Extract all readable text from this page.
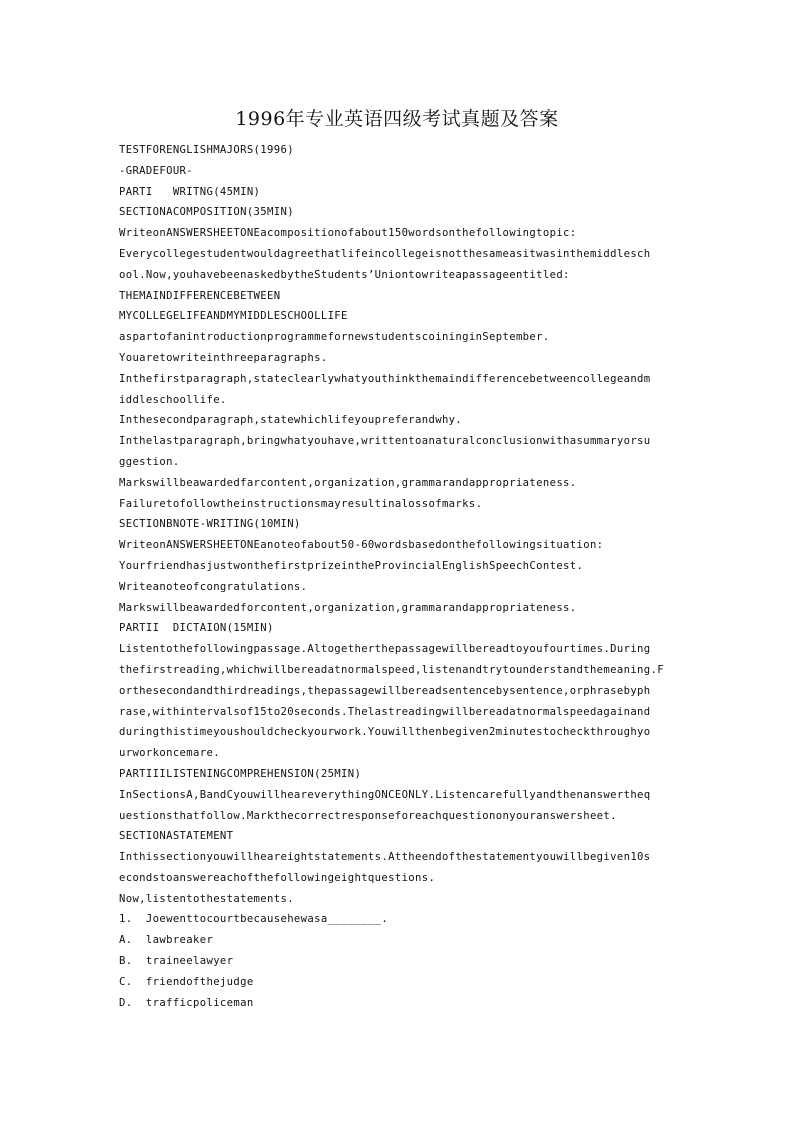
1996年专业英语四级考试真题及答案
TESTFORENGLISHMAJORS(1996)
-GRADEFOUR-
PARTI   WRITNG(45MIN)
SECTIONACOMPOSITION(35MIN)
WriteonANSWERSHEETONEacompositionofabout150wordsonthefollowingtopic:
Everycollegestudentwouldagreethatlifeincollegeisnotthesameasitwasinthemiddlesch
ool.Now,youhavebeenaskedbytheStudents’Uniontowriteapassageentitled:
THEMAINDIFFERENCEBETWEEN
MYCOLLEGELIFEANDMYMIDDLESCHOOLLIFE
aspartofanintroductionprogrammefornewstudentscoininginSeptember.
Youaretowriteinthreeparagraphs.
Inthefirstparagraph,stateclearlywhatyouthinkthemaindifferencebetweencollegeandm
iddleschoollife.
Inthesecondparagraph,statewhichlifeyoupreferandwhy.
Inthelastparagraph,bringwhatyouhave,writtentoanaturalconclusionwithasummaryorsu
ggestion.
Markswillbeawardedfarcontent,organization,grammarandappropriateness.
Failuretofollowtheinstructionsmayresultinalossofmarks.
SECTIONBNOTE-WRITING(10MIN)
WriteonANSWERSHEETONEanoteofabout50-60wordsbasedonthefollowingsituation:
YourfriendhasjustwonthefirstprizeintheProvincialEnglishSpeechContest.
Writeanoteofcongratulations.
Markswillbeawardedforcontent,organization,grammarandappropriateness.
PARTII  DICTAION(15MIN)
Listentothefollowingpassage.Altogetherthepassagewillbereadtoyoufourtimes.During
thefirstreading,whichwillbereadatnormalspeed,listenandtrytounderstandthemeaning.F
orthesecondandthirdreadings,thepassagewillbereadsentencebysentence,orphrasebyph
rase,withintervalsof15to20seconds.Thelastreadingwillbereadatnormalspeedagainand
duringthistimeyoushouldcheckyourwork.Youwillthenbegiven2minutestocheckthroughyo
urworkoncemare.
PARTIIILISTENINGCOMPREHENSION(25MIN)
InSectionsA,BandCyouwillheareverythingONCEONLY.Listencarefullyandthenanswertheq
uestionsthatfollow.Markthecorrectresponseforeachquestiononyouranswersheet.
SECTIONASTATEMENT
Inthissectionyouwillheareightstatements.Attheendofthestatementyouwillbegiven10s
econdstoanswereachofthefollowingeightquestions.
Now,listentothestatements.
1.  Joewenttocourtbecausehewasa________.
A.  lawbreaker
B.  traineelawyer
C.  friendofthejudge
D.  trafficpoliceman
